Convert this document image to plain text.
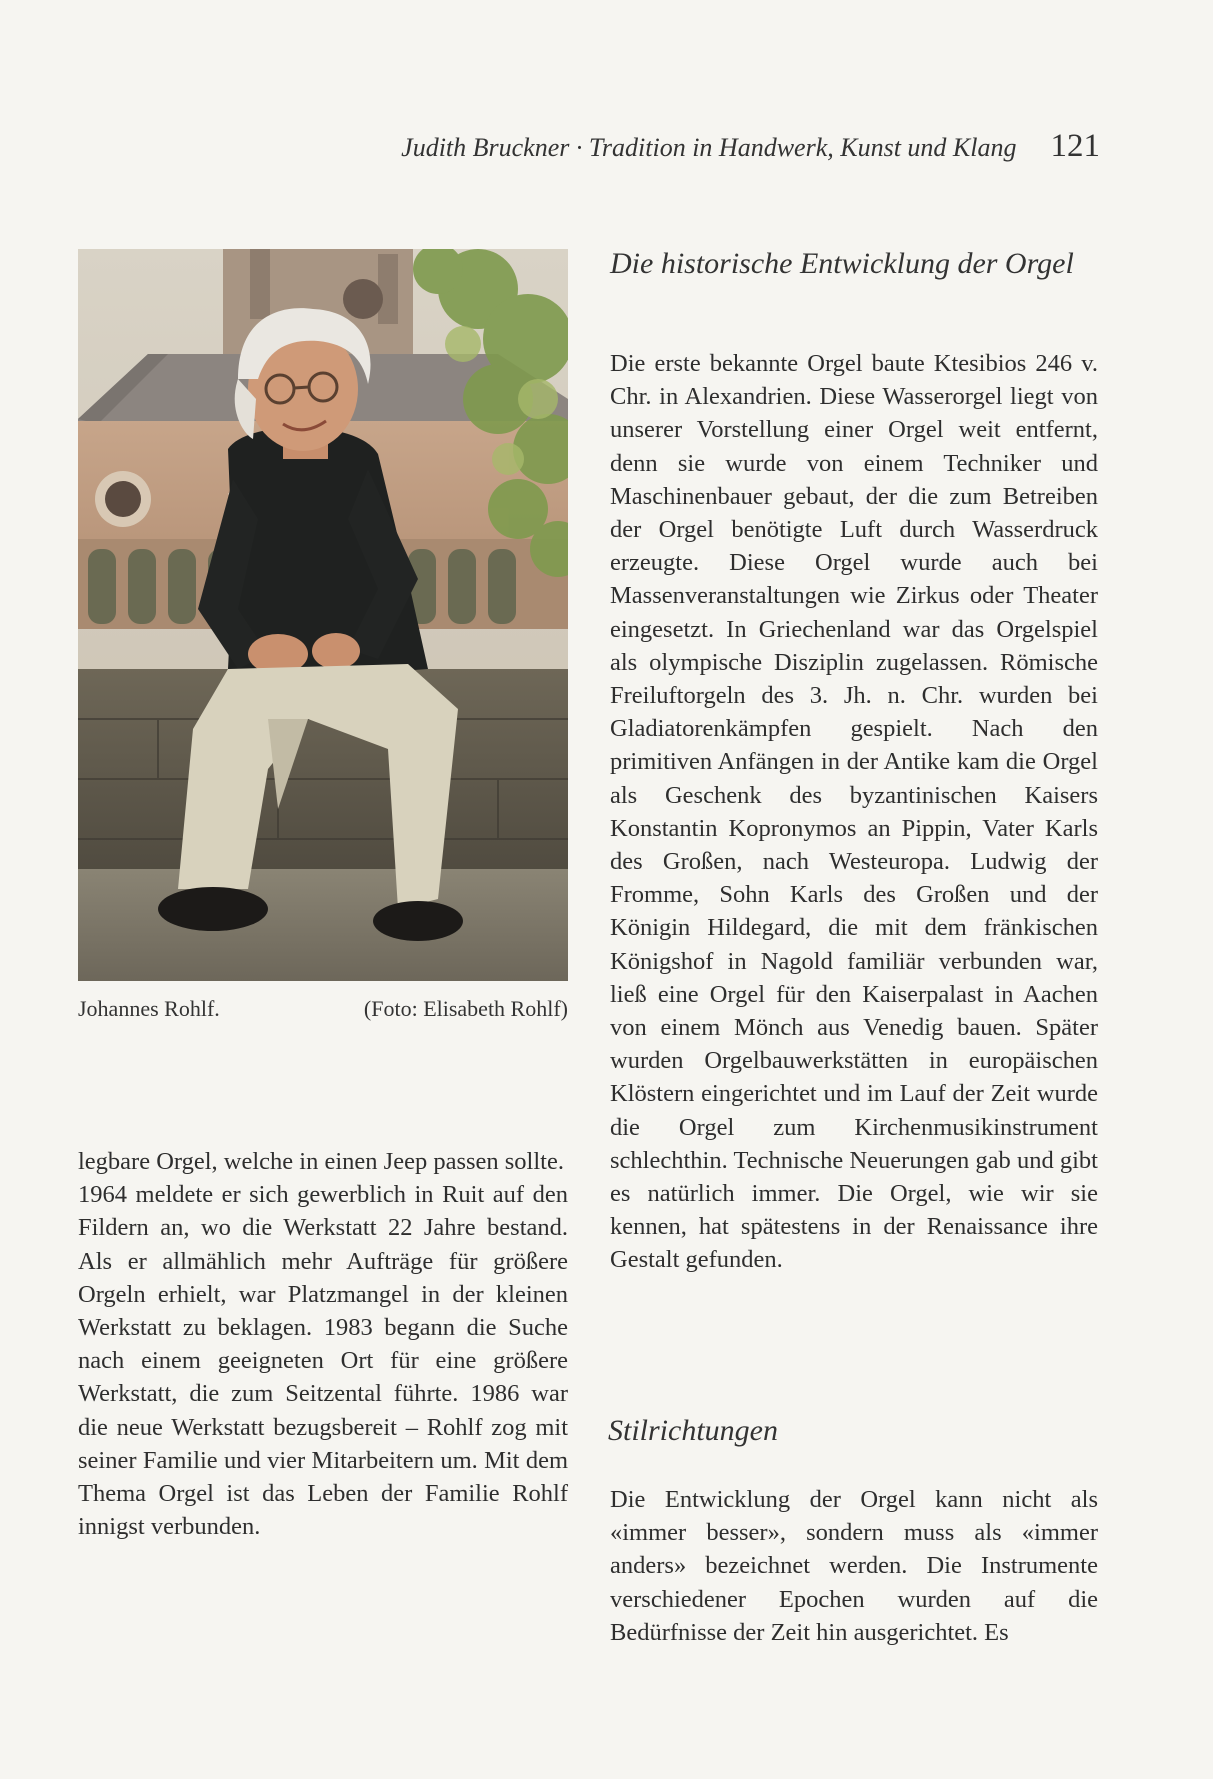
Judith Bruckner · Tradition in Handwerk, Kunst und Klang 121
Johannes Rohlf.	(Foto: Elisabeth Rohlf)

legbare Orgel, welche in einen Jeep passen sollte.

1964 meldete er sich gewerblich in Ruit auf den Fildern an, wo die Werkstatt 22 Jahre bestand. Als er allmählich mehr Aufträge für größere Orgeln erhielt, war Platzmangel in der kleinen Werkstatt zu beklagen. 1983 begann die Suche nach einem geeigneten Ort für eine größere Werkstatt, die zum Seitzental führte. 1986 war die neue Werkstatt bezugsbereit – Rohlf zog mit seiner Familie und vier Mitarbeitern um. Mit dem Thema Orgel ist das Leben der Familie Rohlf innigst verbunden.

Die historische Entwicklung der Orgel

Die erste bekannte Orgel baute Ktesibios 246 v. Chr. in Alexandrien. Diese Wasserorgel liegt von unserer Vorstellung einer Orgel weit entfernt, denn sie wurde von einem Techniker und Maschinenbauer gebaut, der die zum Betreiben der Orgel benötigte Luft durch Wasserdruck erzeugte. Diese Orgel wurde auch bei Massenveranstaltungen wie Zirkus oder Theater eingesetzt. In Griechenland war das Orgelspiel als olympische Disziplin zugelassen. Römische Freiluftorgeln des 3. Jh. n. Chr. wurden bei Gladiatorenkämpfen gespielt. Nach den primitiven Anfängen in der Antike kam die Orgel als Geschenk des byzantinischen Kaisers Konstantin Kopronymos an Pippin, Vater Karls des Großen, nach Westeuropa. Ludwig der Fromme, Sohn Karls des Großen und der Königin Hildegard, die mit dem fränkischen Königshof in Nagold familiär verbunden war, ließ eine Orgel für den Kaiserpalast in Aachen von einem Mönch aus Venedig bauen. Später wurden Orgelbauwerkstätten in europäischen Klöstern eingerichtet und im Lauf der Zeit wurde die Orgel zum Kirchenmusikinstrument schlechthin. Technische Neuerungen gab und gibt es natürlich immer. Die Orgel, wie wir sie kennen, hat spätestens in der Renaissance ihre Gestalt gefunden.

Stilrichtungen

Die Entwicklung der Orgel kann nicht als «immer besser», sondern muss als «immer anders» bezeichnet werden. Die Instrumente verschiedener Epochen wurden auf die Bedürfnisse der Zeit hin ausgerichtet. Es
